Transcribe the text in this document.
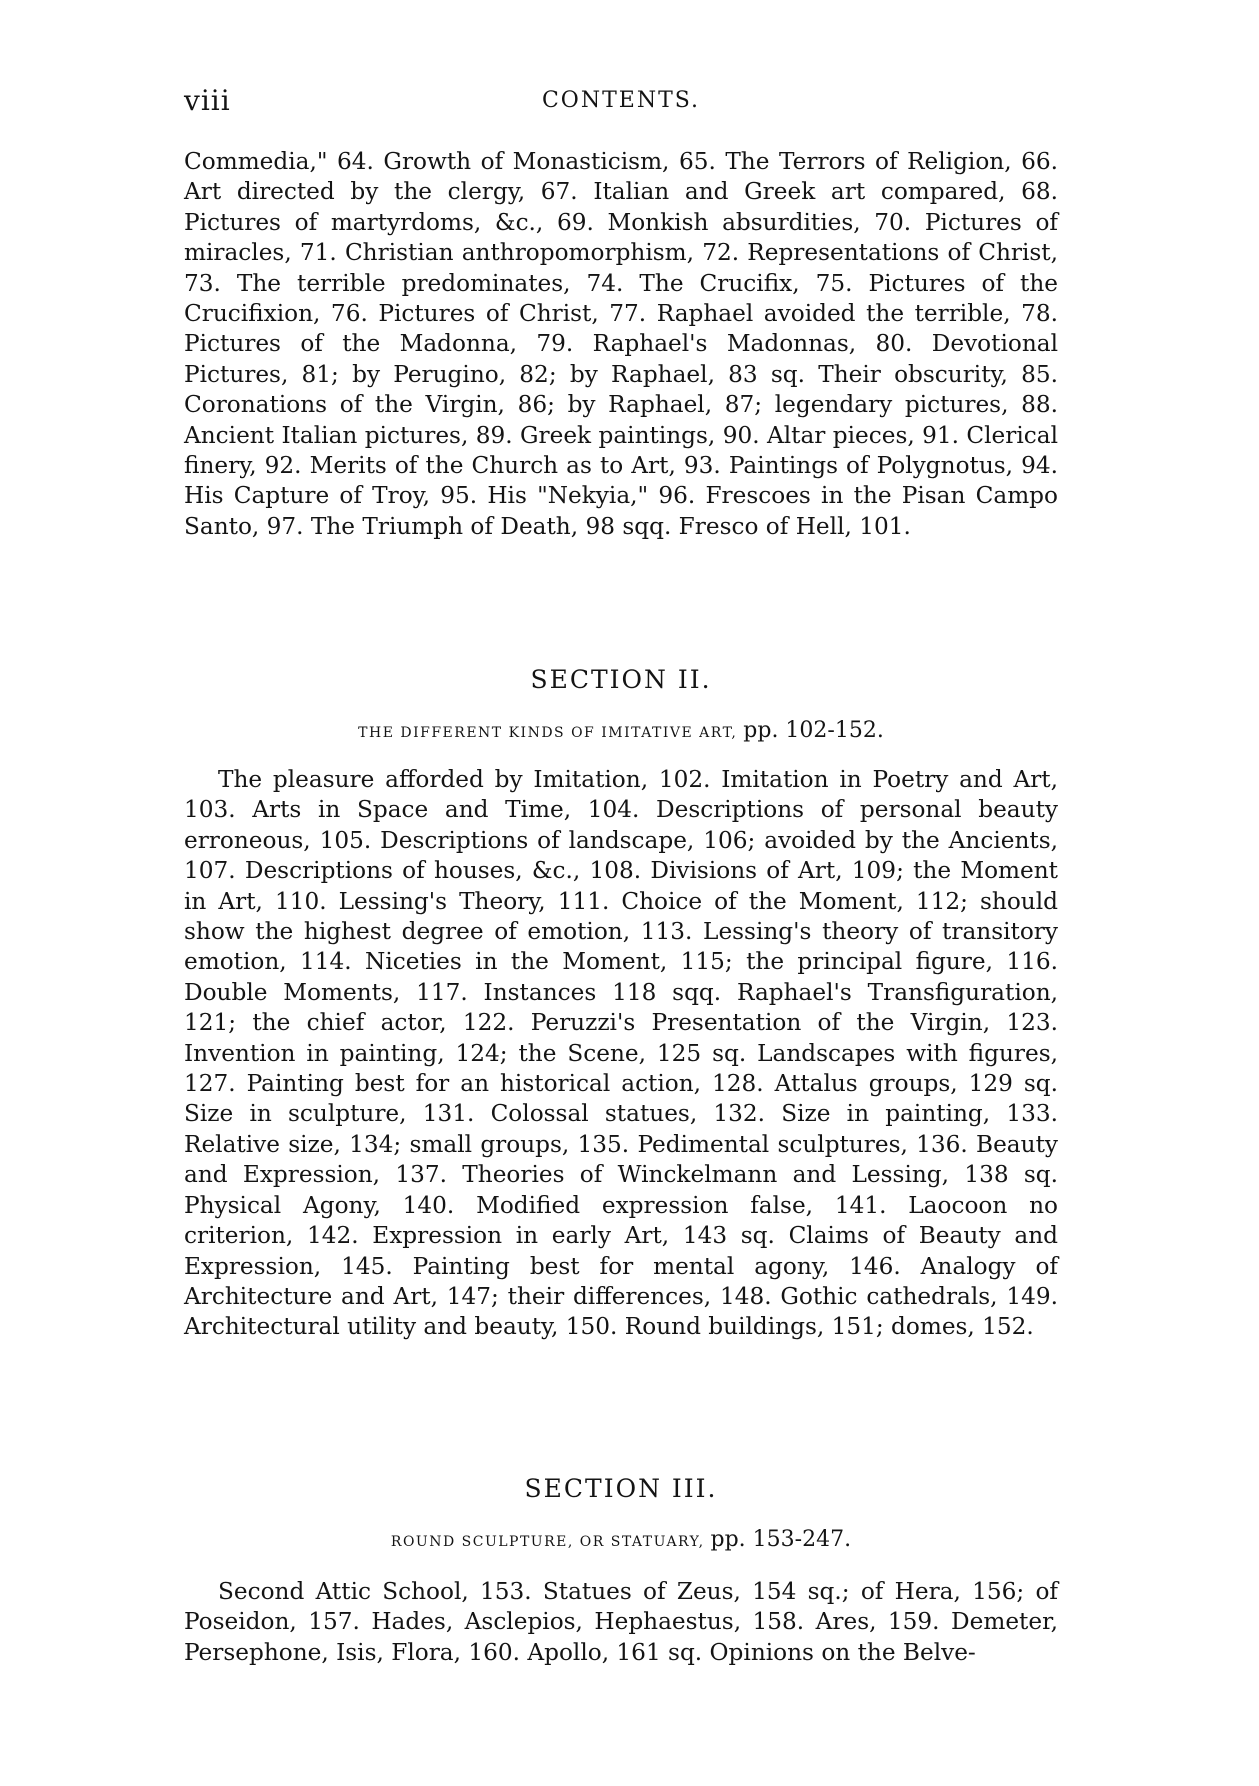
viii	CONTENTS.

Commedia," 64. Growth of Monasticism, 65. The Terrors of Religion, 66. Art directed by the clergy, 67. Italian and Greek art compared, 68. Pictures of martyrdoms, &c., 69. Monkish absurdities, 70. Pictures of miracles, 71. Christian anthropomorphism, 72. Representations of Christ, 73. The terrible predominates, 74. The Crucifix, 75. Pictures of the Crucifixion, 76. Pictures of Christ, 77. Raphael avoided the terrible, 78. Pictures of the Madonna, 79. Raphael's Madonnas, 80. Devotional Pictures, 81; by Perugino, 82; by Raphael, 83 sq. Their obscurity, 85. Coronations of the Virgin, 86; by Raphael, 87; legendary pictures, 88. Ancient Italian pictures, 89. Greek paintings, 90. Altar pieces, 91. Clerical finery, 92. Merits of the Church as to Art, 93. Paintings of Polygnotus, 94. His Capture of Troy, 95. His "Nekyia," 96. Frescoes in the Pisan Campo Santo, 97. The Triumph of Death, 98 sqq. Fresco of Hell, 101.

SECTION II.

THE DIFFERENT KINDS OF IMITATIVE ART, pp. 102-152.

The pleasure afforded by Imitation, 102. Imitation in Poetry and Art, 103. Arts in Space and Time, 104. Descriptions of personal beauty erroneous, 105. Descriptions of landscape, 106; avoided by the Ancients, 107. Descriptions of houses, &c., 108. Divisions of Art, 109; the Moment in Art, 110. Lessing's Theory, 111. Choice of the Moment, 112; should show the highest degree of emotion, 113. Lessing's theory of transitory emotion, 114. Niceties in the Moment, 115; the principal figure, 116. Double Moments, 117. Instances 118 sqq. Raphael's Transfiguration, 121; the chief actor, 122. Peruzzi's Presentation of the Virgin, 123. Invention in painting, 124; the Scene, 125 sq. Landscapes with figures, 127. Painting best for an historical action, 128. Attalus groups, 129 sq. Size in sculpture, 131. Colossal statues, 132. Size in painting, 133. Relative size, 134; small groups, 135. Pedimental sculptures, 136. Beauty and Expression, 137. Theories of Winckelmann and Lessing, 138 sq. Physical Agony, 140. Modified expression false, 141. Laocoon no criterion, 142. Expression in early Art, 143 sq. Claims of Beauty and Expression, 145. Painting best for mental agony, 146. Analogy of Architecture and Art, 147; their differences, 148. Gothic cathedrals, 149. Architectural utility and beauty, 150. Round buildings, 151; domes, 152.

SECTION III.

ROUND SCULPTURE, OR STATUARY, pp. 153-247.

Second Attic School, 153. Statues of Zeus, 154 sq.; of Hera, 156; of Poseidon, 157. Hades, Asclepios, Hephaestus, 158. Ares, 159. Demeter, Persephone, Isis, Flora, 160. Apollo, 161 sq. Opinions on the Belve-
